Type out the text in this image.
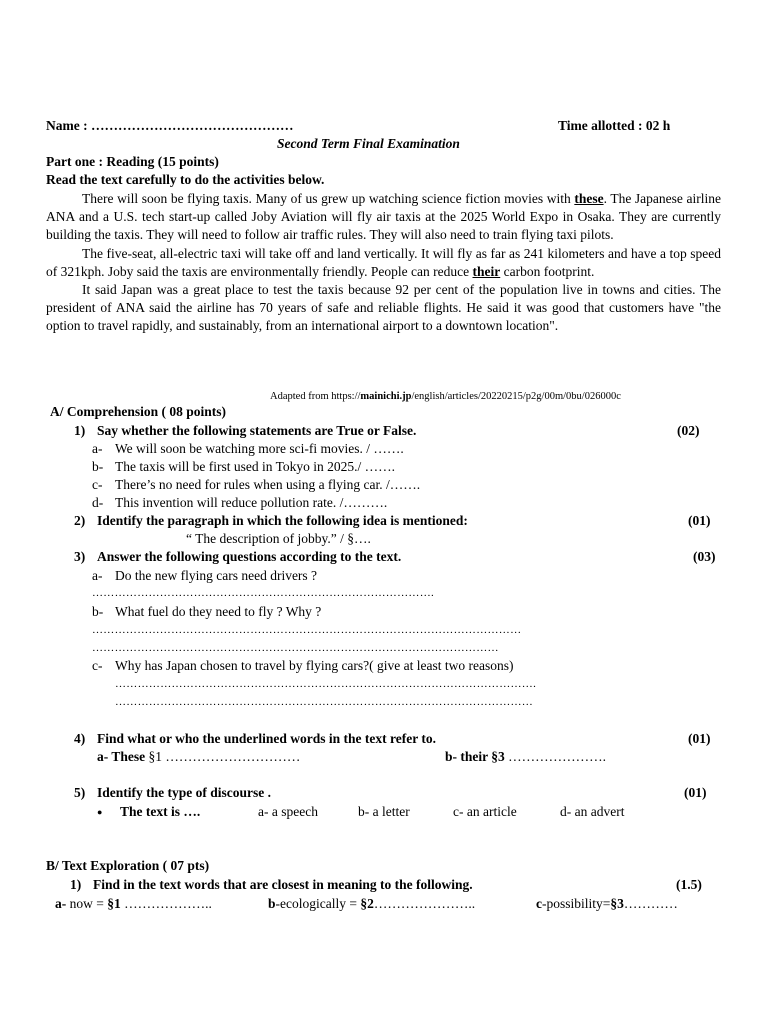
Name : ………………………………………	Time allotted : 02 h
Second Term Final Examination
Part one : Reading (15 points)
Read the text carefully to do the activities below.

There will soon be flying taxis. Many of us grew up watching science fiction movies with these. The Japanese airline ANA and a U.S. tech start-up called Joby Aviation will fly air taxis at the 2025 World Expo in Osaka. They are currently building the taxis. They will need to follow air traffic rules. They will also need to train flying taxi pilots.

The five-seat, all-electric taxi will take off and land vertically. It will fly as far as 241 kilometers and have a top speed of 321kph. Joby said the taxis are environmentally friendly. People can reduce their carbon footprint.

It said Japan was a great place to test the taxis because 92 per cent of the population live in towns and cities. The president of ANA said the airline has 70 years of safe and reliable flights. He said it was good that customers have "the option to travel rapidly, and sustainably, from an international airport to a downtown location".

Adapted from https://mainichi.jp/english/articles/20220215/p2g/00m/0bu/026000c
A/ Comprehension ( 08 points)
1) Say whether the following statements are True or False.	(02)
a- We will soon be watching more sci-fi movies. / …….
b- The taxis will be first used in Tokyo in 2025./ …….
c- There’s no need for rules when using a flying car. /…….
d- This invention will reduce pollution rate. /……….
2) Identify the paragraph in which the following idea is mentioned:	(01)
“ The description of jobby.” / §….
3) Answer the following questions according to the text.	(03)
a- Do the new flying cars need drivers ?
……………………………………………………………………………….
b- What fuel do they need to fly ? Why ?
……………………………………………………………………………………………………
………………………………………………………………………………………………
c- Why has Japan chosen to travel by flying cars?( give at least two reasons)
………………………………………………………………………………………………….
…………………………………………………………………………………………………
4) Find what or who the underlined words in the text refer to.	(01)
a- These §1 …………………………	b- their §3 ………………….
5) Identify the type of discourse .	(01)
● The text is ….	a- a speech	b- a letter	c- an article	d- an advert
B/ Text Exploration ( 07 pts)
1) Find in the text words that are closest in meaning to the following.	(1.5)
a- now = §1 ………………..	b-ecologically = §2…………………..	c-possibility=§3…………
